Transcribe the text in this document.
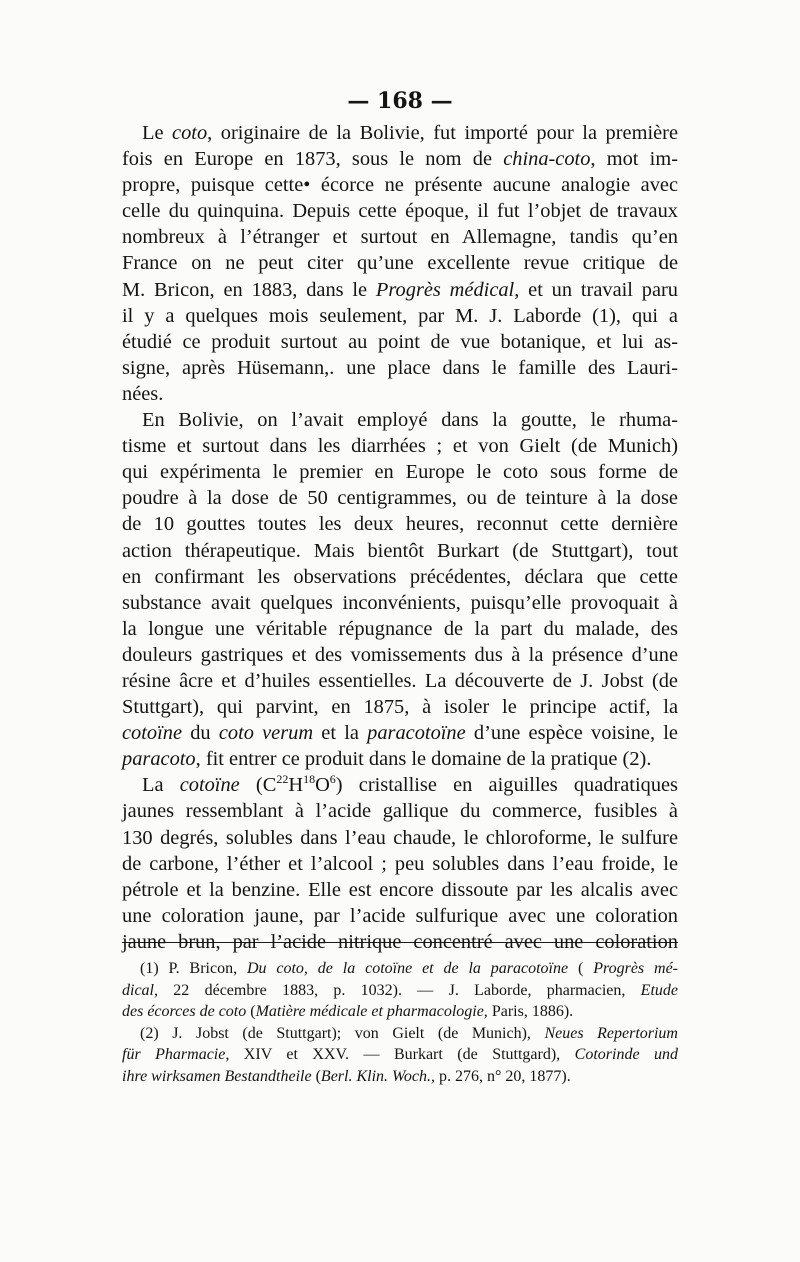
— 168 —
Le coto, originaire de la Bolivie, fut importé pour la première
fois en Europe en 1873, sous le nom de china-coto, mot im-
propre, puisque cette• écorce ne présente aucune analogie avec
celle du quinquina. Depuis cette époque, il fut l’objet de travaux
nombreux à l’étranger et surtout en Allemagne, tandis qu’en
France on ne peut citer qu’une excellente revue critique de
M. Bricon, en 1883, dans le Progrès médical, et un travail paru
il y a quelques mois seulement, par M. J. Laborde (1), qui a
étudié ce produit surtout au point de vue botanique, et lui as-
signe, après Hüsemann,. une place dans le famille des Lauri-
nées.
En Bolivie, on l’avait employé dans la goutte, le rhuma-
tisme et surtout dans les diarrhées ; et von Gielt (de Munich)
qui expérimenta le premier en Europe le coto sous forme de
poudre à la dose de 50 centigrammes, ou de teinture à la dose
de 10 gouttes toutes les deux heures, reconnut cette dernière
action thérapeutique. Mais bientôt Burkart (de Stuttgart), tout
en confirmant les observations précédentes, déclara que cette
substance avait quelques inconvénients, puisqu’elle provoquait à
la longue une véritable répugnance de la part du malade, des
douleurs gastriques et des vomissements dus à la présence d’une
résine âcre et d’huiles essentielles. La découverte de J. Jobst (de
Stuttgart), qui parvint, en 1875, à isoler le principe actif, la
cotoïne du coto verum et la paracotoïne d’une espèce voisine, le
paracoto, fit entrer ce produit dans le domaine de la pratique (2).
La cotoïne $(C^{22}H^{18}O^6)$ cristallise en aiguilles quadratiques
jaunes ressemblant à l’acide gallique du commerce, fusibles à
130 degrés, solubles dans l’eau chaude, le chloroforme, le sulfure
de carbone, l’éther et l’alcool ; peu solubles dans l’eau froide, le
pétrole et la benzine. Elle est encore dissoute par les alcalis avec
une coloration jaune, par l’acide sulfurique avec une coloration
jaune brun, par l’acide nitrique concentré avec une coloration
(1) P. Bricon, Du coto, de la cotoïne et de la paracotoïne ( Progrès mé-
dical, 22 décembre 1883, p. 1032). — J. Laborde, pharmacien, Etude
des écorces de coto (Matière médicale et pharmacologie, Paris, 1886).
(2) J. Jobst (de Stuttgart); von Gielt (de Munich), Neues Repertorium
für Pharmacie, XIV et XXV. — Burkart (de Stuttgard), Cotorinde und
ihre wirksamen Bestandtheile (Berl. Klin. Woch., p. 276, n° 20, 1877).
